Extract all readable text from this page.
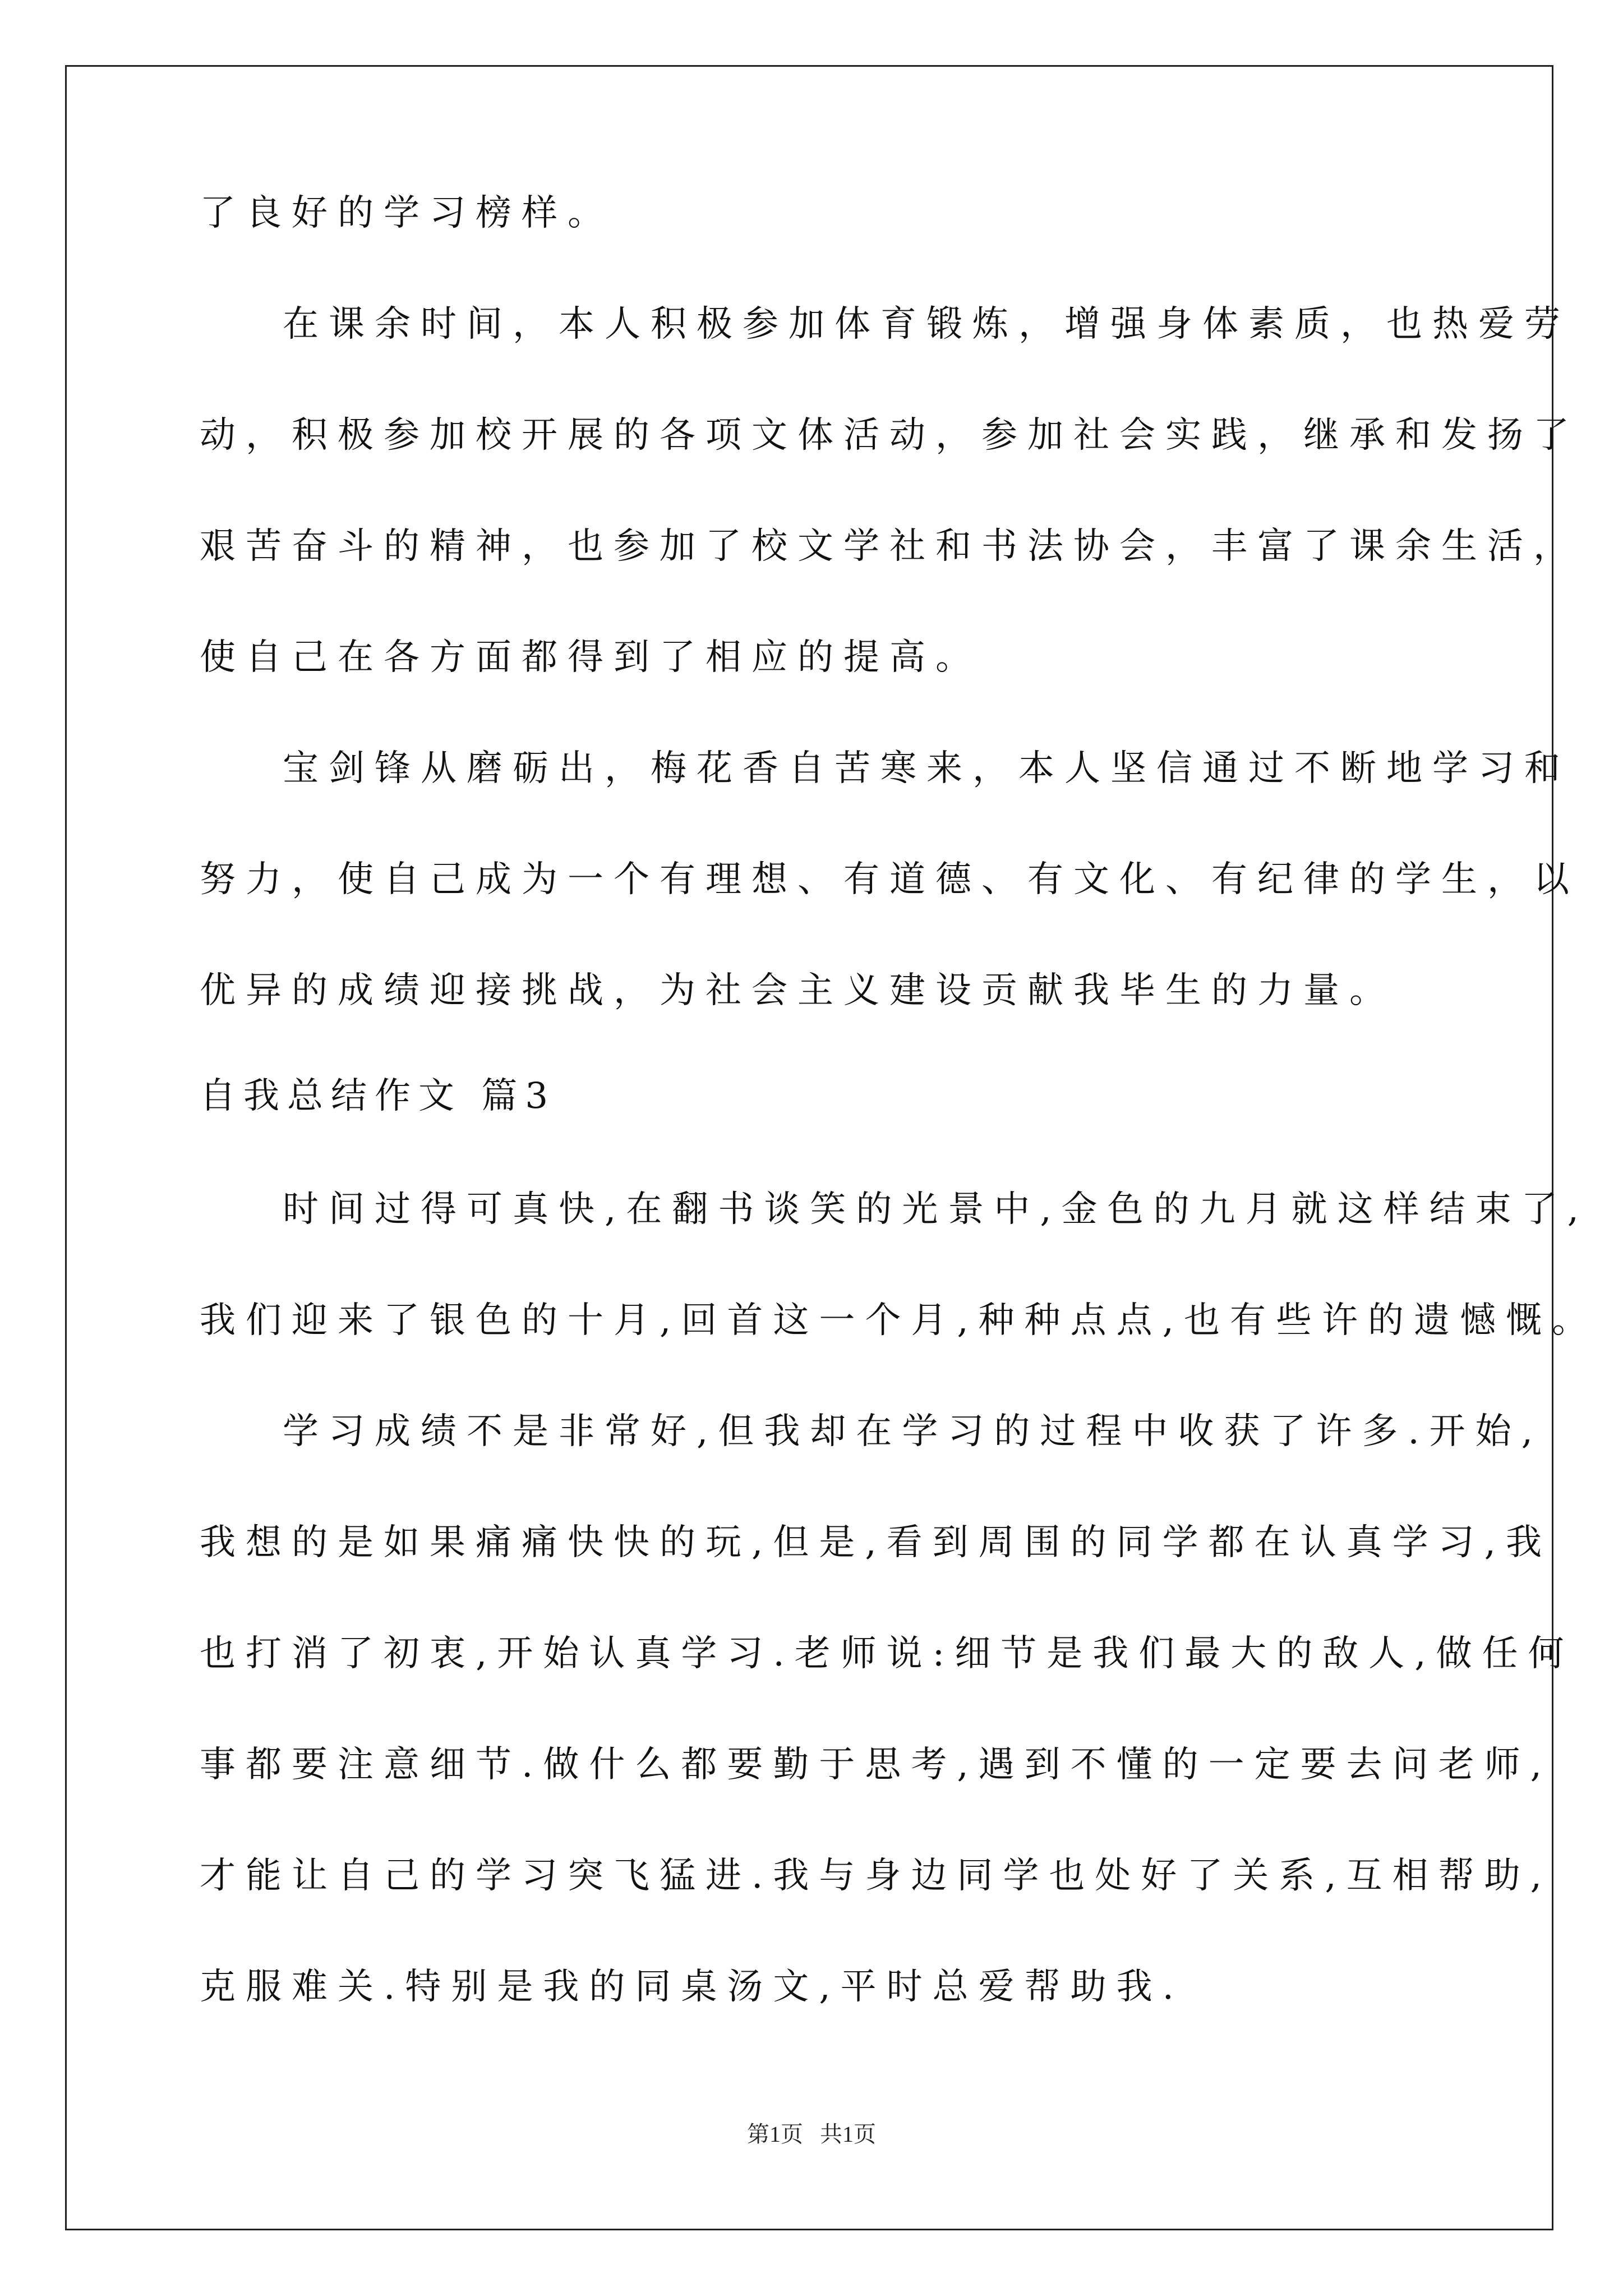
了良好的学习榜样。
在课余时间，本人积极参加体育锻炼，增强身体素质，也热爱劳
动，积极参加校开展的各项文体活动，参加社会实践，继承和发扬了
艰苦奋斗的精神，也参加了校文学社和书法协会，丰富了课余生活，
使自己在各方面都得到了相应的提高。
宝剑锋从磨砺出，梅花香自苦寒来，本人坚信通过不断地学习和
努力，使自己成为一个有理想、有道德、有文化、有纪律的学生，以
优异的成绩迎接挑战，为社会主义建设贡献我毕生的力量。
自我总结作文 篇3
时间过得可真快,在翻书谈笑的光景中,金色的九月就这样结束了,
我们迎来了银色的十月,回首这一个月,种种点点,也有些许的遗憾慨。
学习成绩不是非常好,但我却在学习的过程中收获了许多.开始,
我想的是如果痛痛快快的玩,但是,看到周围的同学都在认真学习,我
也打消了初衷,开始认真学习.老师说:细节是我们最大的敌人,做任何
事都要注意细节.做什么都要勤于思考,遇到不懂的一定要去问老师,
才能让自己的学习突飞猛进.我与身边同学也处好了关系,互相帮助,
克服难关.特别是我的同桌汤文,平时总爱帮助我.
第1页 共1页
